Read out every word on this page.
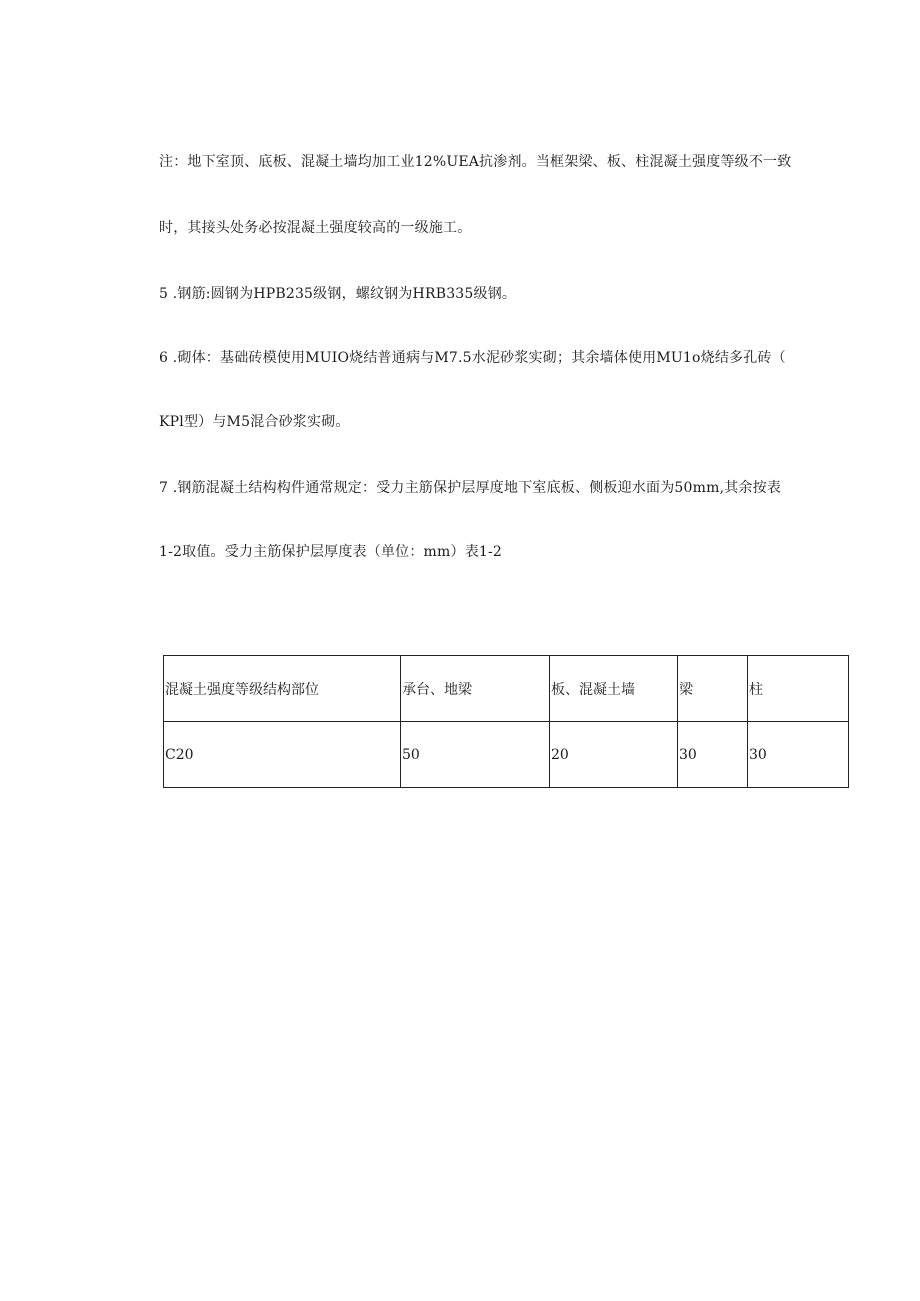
注：地下室顶、底板、混凝土墙均加工业12%UEA抗渗剂。当框架梁、板、柱混凝土强度等级不一致
时，其接头处务必按混凝土强度较高的一级施工。
5 .钢筋:圆钢为HPB235级钢，螺纹钢为HRB335级钢。
6 .砌体：基础砖模使用MUIO烧结普通病与M7.5水泥砂浆实砌；其余墙体使用MU1o烧结多孔砖（
KPl型）与M5混合砂浆实砌。
7 .钢筋混凝土结构构件通常规定：受力主筋保护层厚度地下室底板、侧板迎水面为50mm,其余按表
1-2取值。受力主筋保护层厚度表（单位：mm）表1-2
混凝土强度等级结构部位	承台、地梁	板、混凝土墙	梁	柱
C20	50	20	30	30
